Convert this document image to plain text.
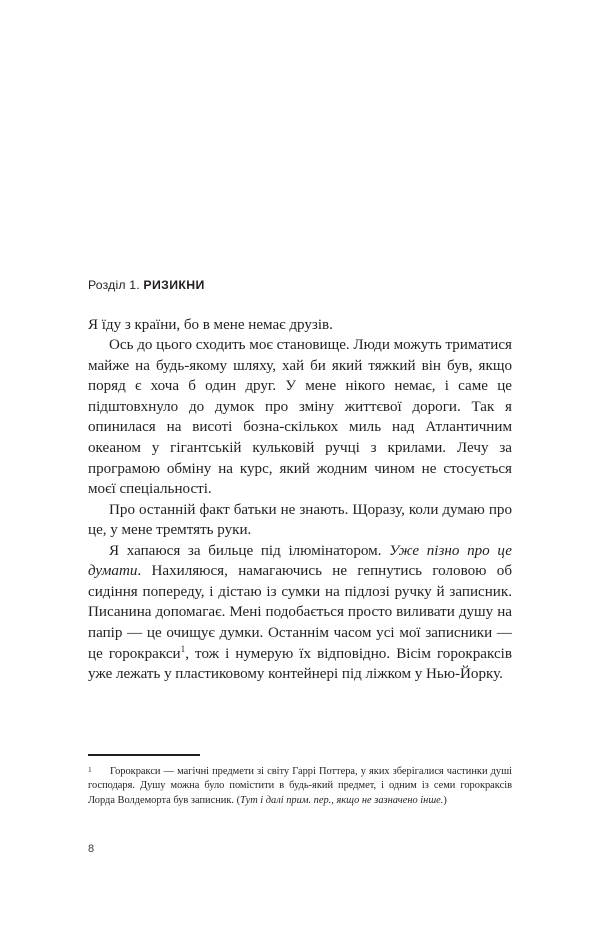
Розділ 1. РИЗИКНИ

Я їду з країни, бо в мене немає друзів.

Ось до цього сходить моє становище. Люди можуть триматися майже на будь-якому шляху, хай би який тяжкий він був, якщо поряд є хоча б один друг. У мене нікого немає, і саме це підштовхнуло до думок про зміну життєвої дороги. Так я опинилася на висоті бозна-скількох миль над Атлантичним океаном у гігантській кульковій ручці з крилами. Лечу за програмою обміну на курс, який жодним чином не стосується моєї спеціальності.

Про останній факт батьки не знають. Щоразу, коли думаю про це, у мене тремтять руки.

Я хапаюся за бильце під ілюмінатором. Уже пізно про це думати. Нахиляюся, намагаючись не гепнутись головою об сидіння попереду, і дістаю із сумки на підлозі ручку й записник. Писанина допомагає. Мені подобається просто виливати душу на папір — це очищує думки. Останнім часом усі мої записники — це горокракси$^1$, тож і нумерую їх відповідно. Вісім горокраксів уже лежать у пластиковому контейнері під ліжком у Нью-Йорку.

1	Горокракси — магічні предмети зі світу Гаррі Поттера, у яких зберігалися частинки душі господаря. Душу можна було помістити в будь-який предмет, і одним із семи горокраксів Лорда Волдеморта був записник. (Тут і далі прим. пер., якщо не зазначено інше.)

8
